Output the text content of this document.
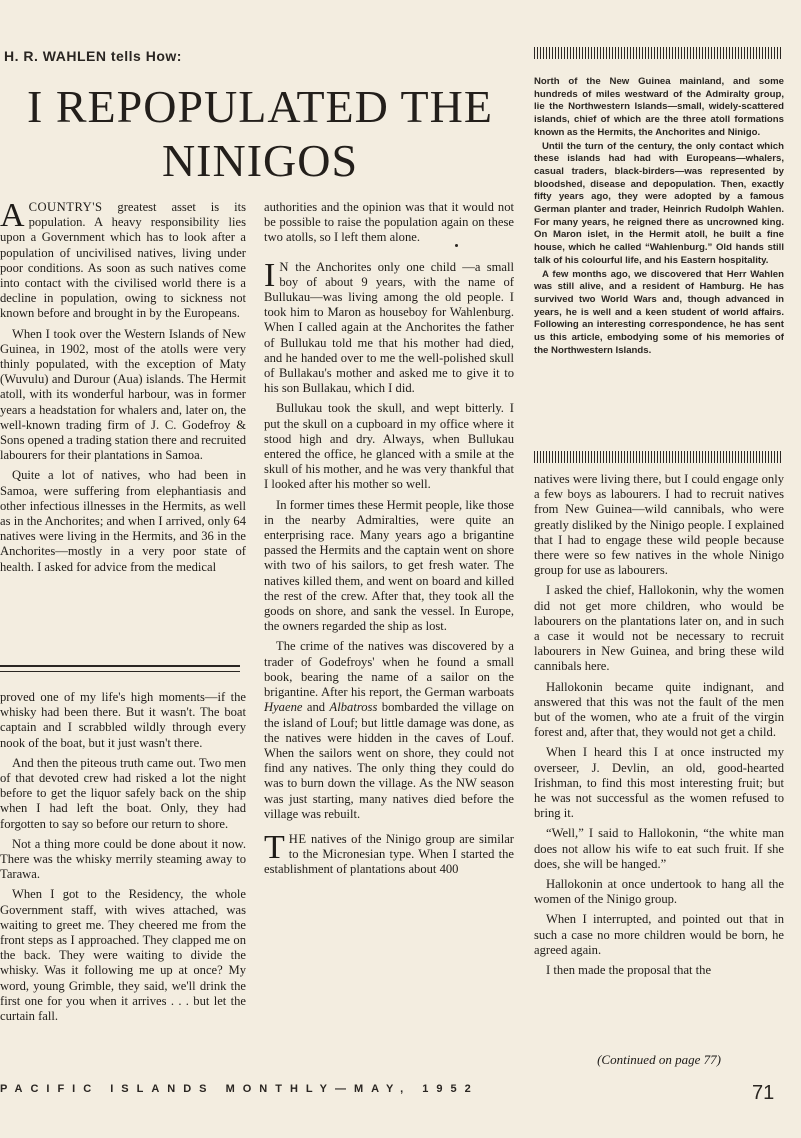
H. R. WAHLEN tells How:
I REPOPULATED THE NINIGOS

North of the New Guinea mainland, and some hundreds of miles westward of the Admiralty group, lie the Northwestern Islands—small, widely-scattered islands, chief of which are the three atoll formations known as the Hermits, the Anchorites and Ninigo.

Until the turn of the century, the only contact which these islands had had with Europeans—whalers, casual traders, black-birders—was represented by bloodshed, disease and depopulation. Then, exactly fifty years ago, they were adopted by a famous German planter and trader, Heinrich Rudolph Wahlen. For many years, he reigned there as uncrowned king. On Maron islet, in the Hermit atoll, he built a fine house, which he called “Wahlenburg.” Old hands still talk of his colourful life, and his Eastern hospitality.

A few months ago, we discovered that Herr Wahlen was still alive, and a resident of Hamburg. He has survived two World Wars and, though advanced in years, he is well and a keen student of world affairs. Following an interesting correspondence, he has sent us this article, embodying some of his memories of the Northwestern Islands.

ACOUNTRY'S greatest asset is its population. A heavy responsibility lies upon a Government which has to look after a population of uncivilised natives, living under poor conditions. As soon as such natives come into contact with the civilised world there is a decline in population, owing to sickness not known before and brought in by the Europeans.

When I took over the Western Islands of New Guinea, in 1902, most of the atolls were very thinly populated, with the exception of Maty (Wuvulu) and Durour (Aua) islands. The Hermit atoll, with its wonderful harbour, was in former years a headstation for whalers and, later on, the well-known trading firm of J. C. Godefroy & Sons opened a trading station there and recruited labourers for their plantations in Samoa.

Quite a lot of natives, who had been in Samoa, were suffering from elephantiasis and other infectious illnesses in the Hermits, as well as in the Anchorites; and when I arrived, only 64 natives were living in the Hermits, and 36 in the Anchorites—mostly in a very poor state of health. I asked for advice from the medical

proved one of my life's high moments—if the whisky had been there. But it wasn't. The boat captain and I scrabbled wildly through every nook of the boat, but it just wasn't there.

And then the piteous truth came out. Two men of that devoted crew had risked a lot the night before to get the liquor safely back on the ship when I had left the boat. Only, they had forgotten to say so before our return to shore.

Not a thing more could be done about it now. There was the whisky merrily steaming away to Tarawa.

When I got to the Residency, the whole Government staff, with wives attached, was waiting to greet me. They cheered me from the front steps as I approached. They clapped me on the back. They were waiting to divide the whisky. Was it following me up at once? My word, young Grimble, they said, we'll drink the first one for you when it arrives . . . but let the curtain fall.

authorities and the opinion was that it would not be possible to raise the population again on these two atolls, so I left them alone.

I N the Anchorites only one child —a small boy of about 9 years, with the name of Bullukau—was living among the old people. I took him to Maron as houseboy for Wahlenburg. When I called again at the Anchorites the father of Bullukau told me that his mother had died, and he handed over to me the well-polished skull of Bullakau's mother and asked me to give it to his son Bullakau, which I did.

Bullukau took the skull, and wept bitterly. I put the skull on a cupboard in my office where it stood high and dry. Always, when Bullukau entered the office, he glanced with a smile at the skull of his mother, and he was very thankful that I looked after his mother so well.

In former times these Hermit people, like those in the nearby Admiralties, were quite an enterprising race. Many years ago a brigantine passed the Hermits and the captain went on shore with two of his sailors, to get fresh water. The natives killed them, and went on board and killed the rest of the crew. After that, they took all the goods on shore, and sank the vessel. In Europe, the owners regarded the ship as lost.

The crime of the natives was discovered by a trader of Godefroys' when he found a small book, bearing the name of a sailor on the brigantine. After his report, the German warboats Hyaene and Albatross bombarded the village on the island of Louf; but little damage was done, as the natives were hidden in the caves of Louf. When the sailors went on shore, they could not find any natives. The only thing they could do was to burn down the village. As the NW season was just starting, many natives died before the village was rebuilt.

THE natives of the Ninigo group are similar to the Micronesian type. When I started the establishment of plantations about 400

natives were living there, but I could engage only a few boys as labourers. I had to recruit natives from New Guinea—wild cannibals, who were greatly disliked by the Ninigo people. I explained that I had to engage these wild people because there were so few natives in the whole Ninigo group for use as labourers.

I asked the chief, Hallokonin, why the women did not get more children, who would be labourers on the plantations later on, and in such a case it would not be necessary to recruit labourers in New Guinea, and bring these wild cannibals here.

Hallokonin became quite indignant, and answered that this was not the fault of the men but of the women, who ate a fruit of the virgin forest and, after that, they would not get a child.

When I heard this I at once instructed my overseer, J. Devlin, an old, good-hearted Irishman, to find this most interesting fruit; but he was not successful as the women refused to bring it.

“Well,” I said to Hallokonin, “the white man does not allow his wife to eat such fruit. If she does, she will be hanged.”

Hallokonin at once undertook to hang all the women of the Ninigo group.

When I interrupted, and pointed out that in such a case no more children would be born, he agreed again.

I then made the proposal that the

(Continued on page 77)
PACIFIC ISLANDS MONTHLY—MAY, 1952	71
